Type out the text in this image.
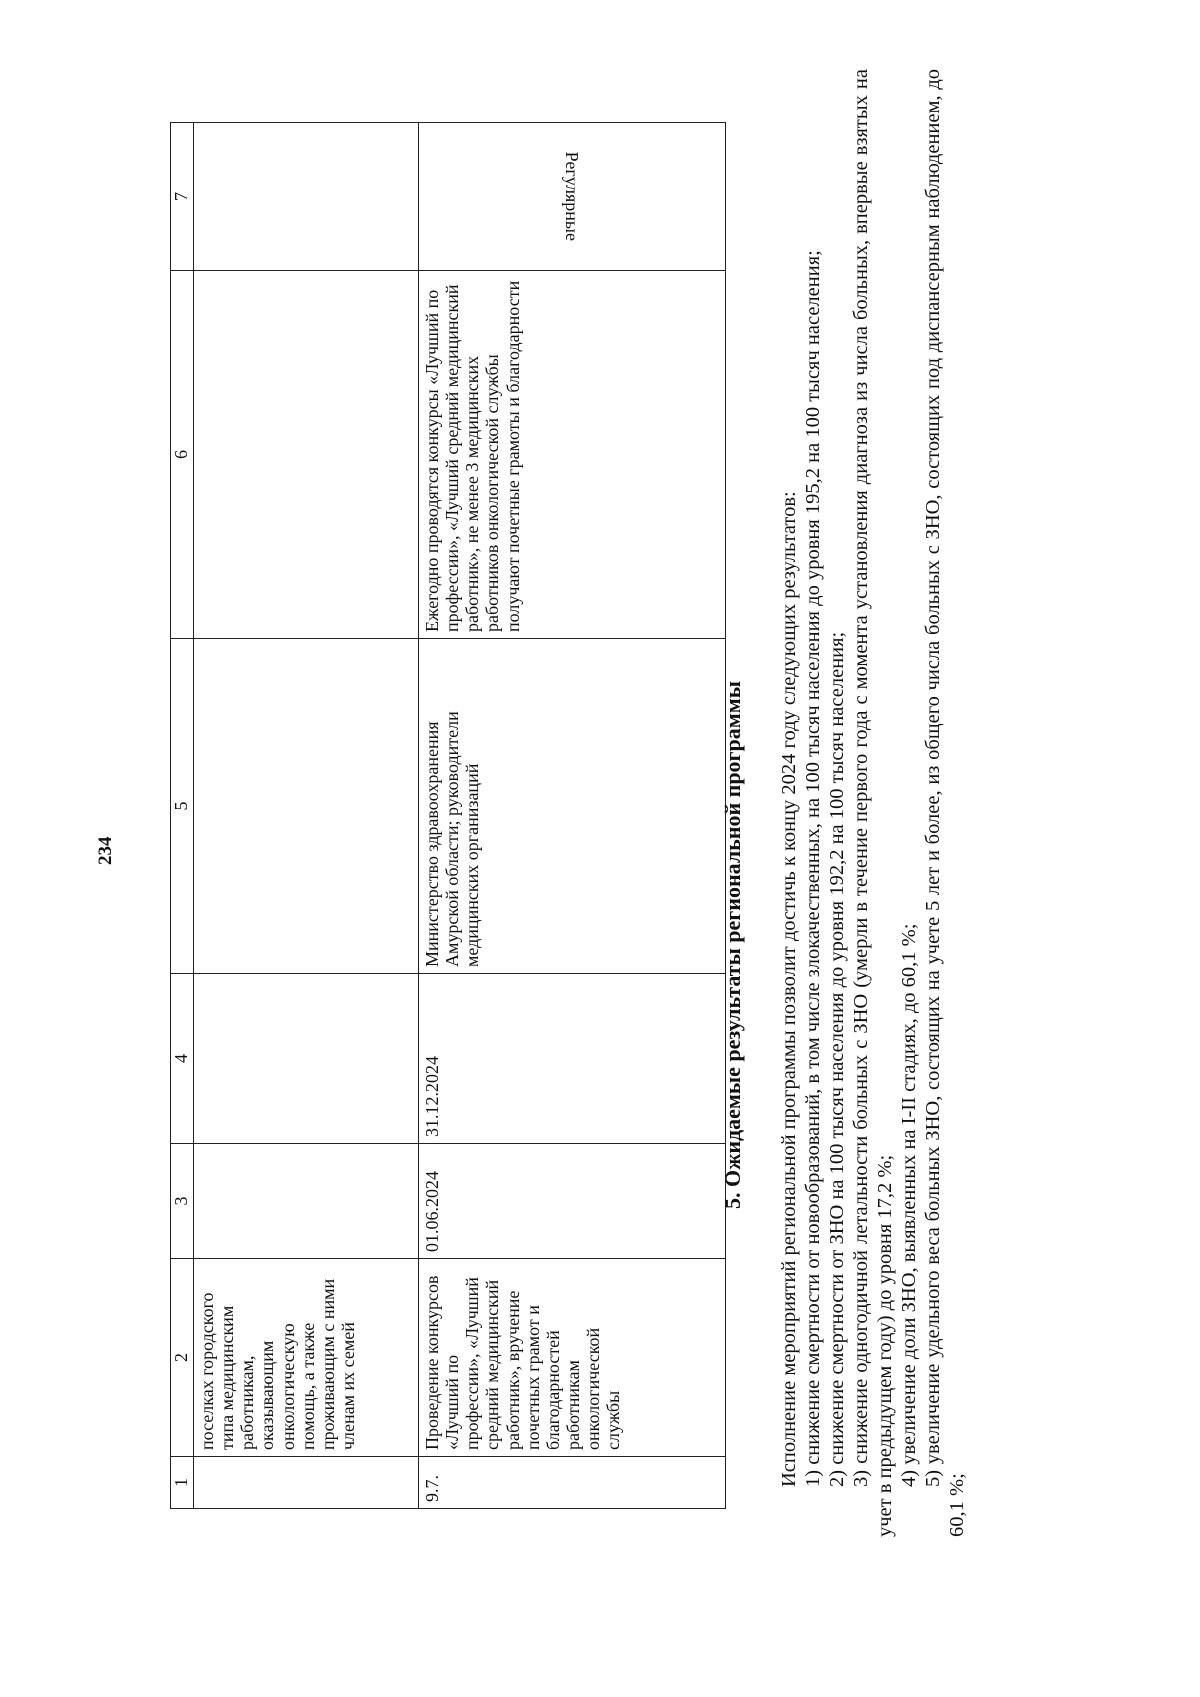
234
1	2	3	4	5	6	7
	поселках городского типа медицинским работникам, оказывающим онкологическую помощь, а также проживающим с ними членам их семей					
9.7.	Проведение конкурсов «Лучший по профессии», «Лучший средний медицинский работник», вручение почетных грамот и благодарностей работникам онкологической службы	01.06.2024	31.12.2024	Министерство здравоохранения Амурской области; руководители медицинских организаций	Ежегодно проводятся конкурсы «Лучший по профессии», «Лучший средний медицинский работник», не менее 3 медицинских работников онкологической службы получают почетные грамоты и благодарности	Регулярные
5. Ожидаемые результаты региональной программы Исполнение мероприятий региональной программы позволит достичь к концу 2024 году следующих результатов: 1) снижение смертности от новообразований, в том числе злокачественных, на 100 тысяч населения до уровня 195,2 на 100 тысяч населения; 2) снижение смертности от ЗНО на 100 тысяч населения до уровня 192,2 на 100 тысяч населения; 3) снижение одногодичной летальности больных с ЗНО (умерли в течение первого года с момента установления диагноза из числа больных, впервые взятых на учет в предыдущем году) до уровня 17,2 %; 4) увеличение доли ЗНО, выявленных на I-II стадиях, до 60,1 %; 5) увеличение удельного веса больных ЗНО, состоящих на учете 5 лет и более, из общего числа больных с ЗНО, состоящих под диспансерным наблюдением, до 60,1 %;
